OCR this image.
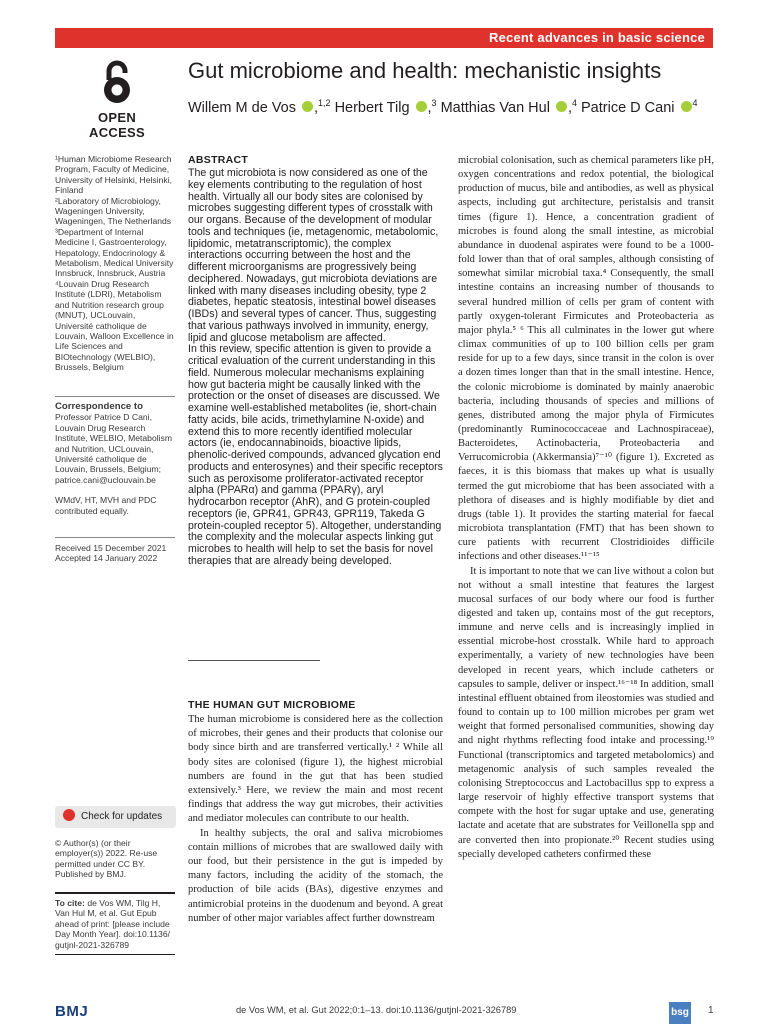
Recent advances in basic science
OPEN ACCESS
Gut microbiome and health: mechanistic insights
Willem M de Vos ,$^{1,2}$ Herbert Tilg ,$^3$ Matthias Van Hul ,$^4$ Patrice D Cani $^4$

¹Human Microbiome Research Program, Faculty of Medicine, University of Helsinki, Helsinki, Finland

²Laboratory of Microbiology, Wageningen University, Wageningen, The Netherlands

³Department of Internal Medicine I, Gastroenterology, Hepatology, Endocrinology & Metabolism, Medical University Innsbruck, Innsbruck, Austria

⁴Louvain Drug Research Institute (LDRI), Metabolism and Nutrition research group (MNUT), UCLouvain, Université catholique de Louvain, Walloon Excellence in Life Sciences and BIOtechnology (WELBIO), Brussels, Belgium

Correspondence to

Professor Patrice D Cani, Louvain Drug Research Institute, WELBIO, Metabolism and Nutrition, UCLouvain, Université catholique de Louvain, Brussels, Belgium; patrice.cani@uclouvain.be

WMdV, HT, MVH and PDC contributed equally.

Received 15 December 2021

Accepted 14 January 2022

Check for updates
© Author(s) (or their employer(s)) 2022. Re-use permitted under CC BY. Published by BMJ.
To cite: de Vos WM, Tilg H, Van Hul M, et al. Gut Epub ahead of print: [please include Day Month Year]. doi:10.1136/ gutjnl-2021-326789
ABSTRACT

The gut microbiota is now considered as one of the key elements contributing to the regulation of host health. Virtually all our body sites are colonised by microbes suggesting different types of crosstalk with our organs. Because of the development of modular tools and techniques (ie, metagenomic, metabolomic, lipidomic, metatranscriptomic), the complex interactions occurring between the host and the different microorganisms are progressively being deciphered. Nowadays, gut microbiota deviations are linked with many diseases including obesity, type 2 diabetes, hepatic steatosis, intestinal bowel diseases (IBDs) and several types of cancer. Thus, suggesting that various pathways involved in immunity, energy, lipid and glucose metabolism are affected.

In this review, specific attention is given to provide a critical evaluation of the current understanding in this field. Numerous molecular mechanisms explaining how gut bacteria might be causally linked with the protection or the onset of diseases are discussed. We examine well-established metabolites (ie, short-chain fatty acids, bile acids, trimethylamine N-oxide) and extend this to more recently identified molecular actors (ie, endocannabinoids, bioactive lipids, phenolic-derived compounds, advanced glycation end products and enterosynes) and their specific receptors such as peroxisome proliferator-activated receptor alpha (PPARα) and gamma (PPARγ), aryl hydrocarbon receptor (AhR), and G protein-coupled receptors (ie, GPR41, GPR43, GPR119, Takeda G protein-coupled receptor 5). Altogether, understanding the complexity and the molecular aspects linking gut microbes to health will help to set the basis for novel therapies that are already being developed.

THE HUMAN GUT MICROBIOME

The human microbiome is considered here as the collection of microbes, their genes and their products that colonise our body since birth and are transferred vertically.¹ ² While all body sites are colonised (figure 1), the highest microbial numbers are found in the gut that has been studied extensively.³ Here, we review the main and most recent findings that address the way gut microbes, their activities and mediator molecules can contribute to our health.

In healthy subjects, the oral and saliva microbiomes contain millions of microbes that are swallowed daily with our food, but their persistence in the gut is impeded by many factors, including the acidity of the stomach, the production of bile acids (BAs), digestive enzymes and antimicrobial proteins in the duodenum and beyond. A great number of other major variables affect further downstream

microbial colonisation, such as chemical parameters like pH, oxygen concentrations and redox potential, the biological production of mucus, bile and antibodies, as well as physical aspects, including gut architecture, peristalsis and transit times (figure 1). Hence, a concentration gradient of microbes is found along the small intestine, as microbial abundance in duodenal aspirates were found to be a 1000-fold lower than that of oral samples, although consisting of somewhat similar microbial taxa.⁴ Consequently, the small intestine contains an increasing number of thousands to several hundred million of cells per gram of content with partly oxygen-tolerant Firmicutes and Proteobacteria as major phyla.⁵ ⁶ This all culminates in the lower gut where climax communities of up to 100 billion cells per gram reside for up to a few days, since transit in the colon is over a dozen times longer than that in the small intestine. Hence, the colonic microbiome is dominated by mainly anaerobic bacteria, including thousands of species and millions of genes, distributed among the major phyla of Firmicutes (predominantly Ruminococcaceae and Lachnospiraceae), Bacteroidetes, Actinobacteria, Proteobacteria and Verrucomicrobia (Akkermansia)⁷⁻¹⁰ (figure 1). Excreted as faeces, it is this biomass that makes up what is usually termed the gut microbiome that has been associated with a plethora of diseases and is highly modifiable by diet and drugs (table 1). It provides the starting material for faecal microbiota transplantation (FMT) that has been shown to cure patients with recurrent Clostridioides difficile infections and other diseases.¹¹⁻¹⁵

It is important to note that we can live without a colon but not without a small intestine that features the largest mucosal surfaces of our body where our food is further digested and taken up, contains most of the gut receptors, immune and nerve cells and is increasingly implied in essential microbe-host crosstalk. While hard to approach experimentally, a variety of new technologies have been developed in recent years, which include catheters or capsules to sample, deliver or inspect.¹⁶⁻¹⁸ In addition, small intestinal effluent obtained from ileostomies was studied and found to contain up to 100 million microbes per gram wet weight that formed personalised communities, showing day and night rhythms reflecting food intake and processing.¹⁹ Functional (transcriptomics and targeted metabolomics) and metagenomic analysis of such samples revealed the colonising Streptococcus and Lactobacillus spp to express a large reservoir of highly effective transport systems that compete with the host for sugar uptake and use, generating lactate and acetate that are substrates for Veillonella spp and are converted then into propionate.²⁰ Recent studies using specially developed catheters confirmed these

BMJ	de Vos WM, et al. Gut 2022;0:1–13. doi:10.1136/gutjnl-2021-326789	bsg 1
